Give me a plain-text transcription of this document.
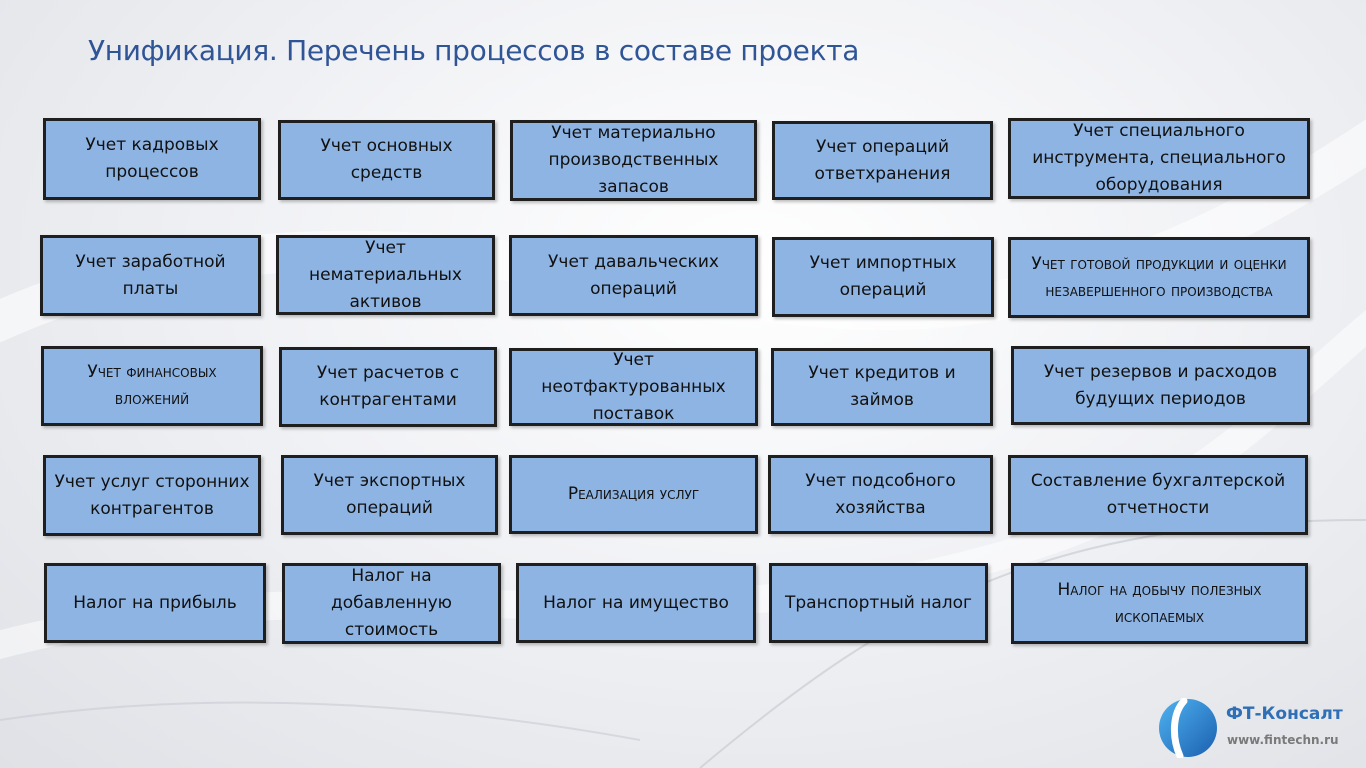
Унификация. Перечень процессов в составе проекта
Учет кадровых процессов
Учет основных средств
Учет материально производственных запасов
Учет операций ответхранения
Учет специального инструмента, специального оборудования
Учет заработной платы
Учет нематериальных активов
Учет давальческих операций
Учет импортных операций
Учет готовой продукции и оценки незавершенного производства
Учет финансовых вложений
Учет расчетов с контрагентами
Учет неотфактурованных поставок
Учет кредитов и займов
Учет резервов и расходов будущих периодов
Учет услуг сторонних контрагентов
Учет экспортных операций
Реализация услуг
Учет подсобного хозяйства
Составление бухгалтерской отчетности
Налог на прибыль
Налог на добавленную стоимость
Налог на имущество	Транспортный налог
Налог на добычу полезных ископаемых

ФТ-Консалт

www.fintechn.ru
